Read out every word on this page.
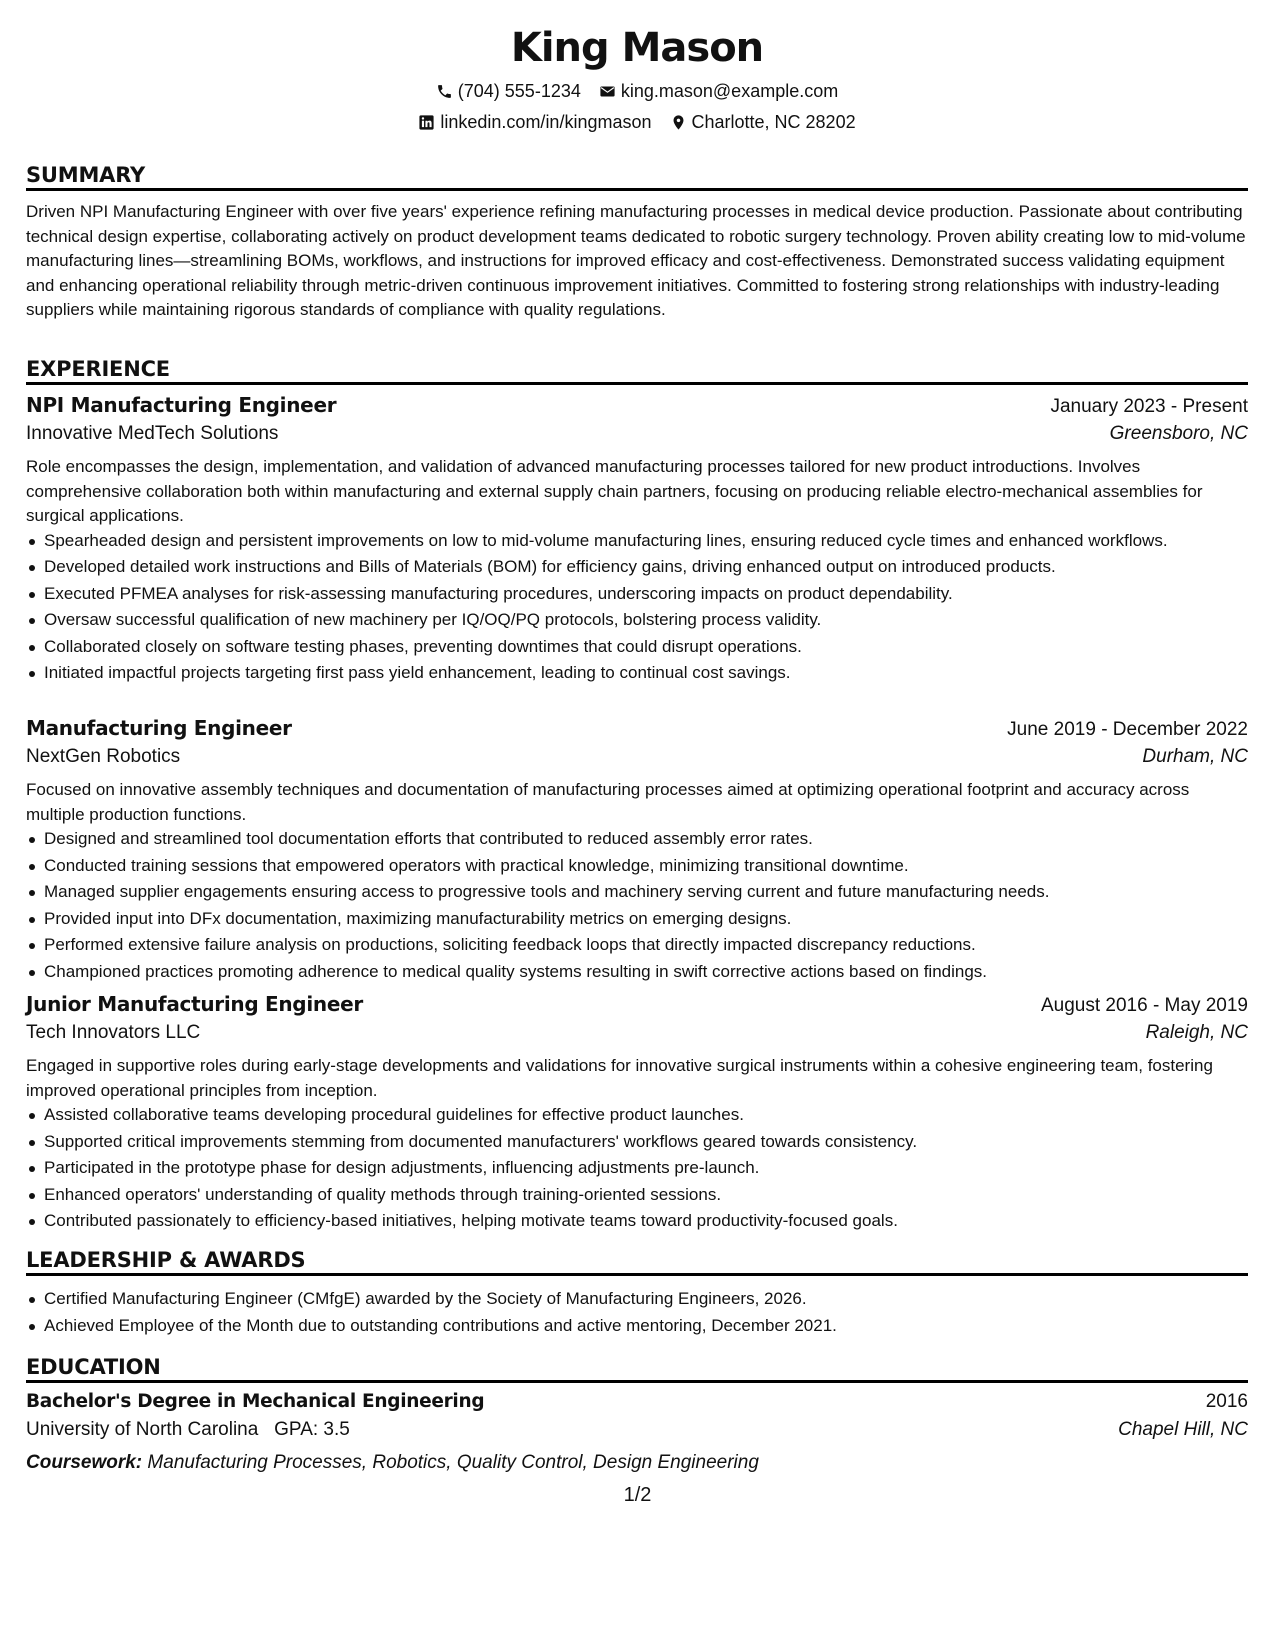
King Mason
(704) 555-1234 king.mason@example.com
linkedin.com/in/kingmason Charlotte, NC 28202
SUMMARY

Driven NPI Manufacturing Engineer with over five years' experience refining manufacturing processes in medical device production. Passionate about contributing technical design expertise, collaborating actively on product development teams dedicated to robotic surgery technology. Proven ability creating low to mid-volume manufacturing lines—streamlining BOMs, workflows, and instructions for improved efficacy and cost-effectiveness. Demonstrated success validating equipment and enhancing operational reliability through metric-driven continuous improvement initiatives. Committed to fostering strong relationships with industry-leading suppliers while maintaining rigorous standards of compliance with quality regulations.

EXPERIENCE
NPI Manufacturing Engineer	January 2023 - Present
Innovative MedTech Solutions	Greensboro, NC

Role encompasses the design, implementation, and validation of advanced manufacturing processes tailored for new product introductions. Involves comprehensive collaboration both within manufacturing and external supply chain partners, focusing on producing reliable electro-mechanical assemblies for surgical applications.

Spearheaded design and persistent improvements on low to mid-volume manufacturing lines, ensuring reduced cycle times and enhanced workflows.
Developed detailed work instructions and Bills of Materials (BOM) for efficiency gains, driving enhanced output on introduced products.
Executed PFMEA analyses for risk-assessing manufacturing procedures, underscoring impacts on product dependability.
Oversaw successful qualification of new machinery per IQ/OQ/PQ protocols, bolstering process validity.
Collaborated closely on software testing phases, preventing downtimes that could disrupt operations.
Initiated impactful projects targeting first pass yield enhancement, leading to continual cost savings.
Manufacturing Engineer	June 2019 - December 2022
NextGen Robotics	Durham, NC

Focused on innovative assembly techniques and documentation of manufacturing processes aimed at optimizing operational footprint and accuracy across multiple production functions.

Designed and streamlined tool documentation efforts that contributed to reduced assembly error rates.
Conducted training sessions that empowered operators with practical knowledge, minimizing transitional downtime.
Managed supplier engagements ensuring access to progressive tools and machinery serving current and future manufacturing needs.
Provided input into DFx documentation, maximizing manufacturability metrics on emerging designs.
Performed extensive failure analysis on productions, soliciting feedback loops that directly impacted discrepancy reductions.
Championed practices promoting adherence to medical quality systems resulting in swift corrective actions based on findings.
Junior Manufacturing Engineer	August 2016 - May 2019
Tech Innovators LLC	Raleigh, NC

Engaged in supportive roles during early-stage developments and validations for innovative surgical instruments within a cohesive engineering team, fostering improved operational principles from inception.

Assisted collaborative teams developing procedural guidelines for effective product launches.
Supported critical improvements stemming from documented manufacturers' workflows geared towards consistency.
Participated in the prototype phase for design adjustments, influencing adjustments pre-launch.
Enhanced operators' understanding of quality methods through training-oriented sessions.
Contributed passionately to efficiency-based initiatives, helping motivate teams toward productivity-focused goals.
LEADERSHIP & AWARDS
Certified Manufacturing Engineer (CMfgE) awarded by the Society of Manufacturing Engineers, 2026.
Achieved Employee of the Month due to outstanding contributions and active mentoring, December 2021.
EDUCATION
Bachelor's Degree in Mechanical Engineering	2016
University of North Carolina GPA: 3.5	Chapel Hill, NC
Coursework: Manufacturing Processes, Robotics, Quality Control, Design Engineering
1/2
